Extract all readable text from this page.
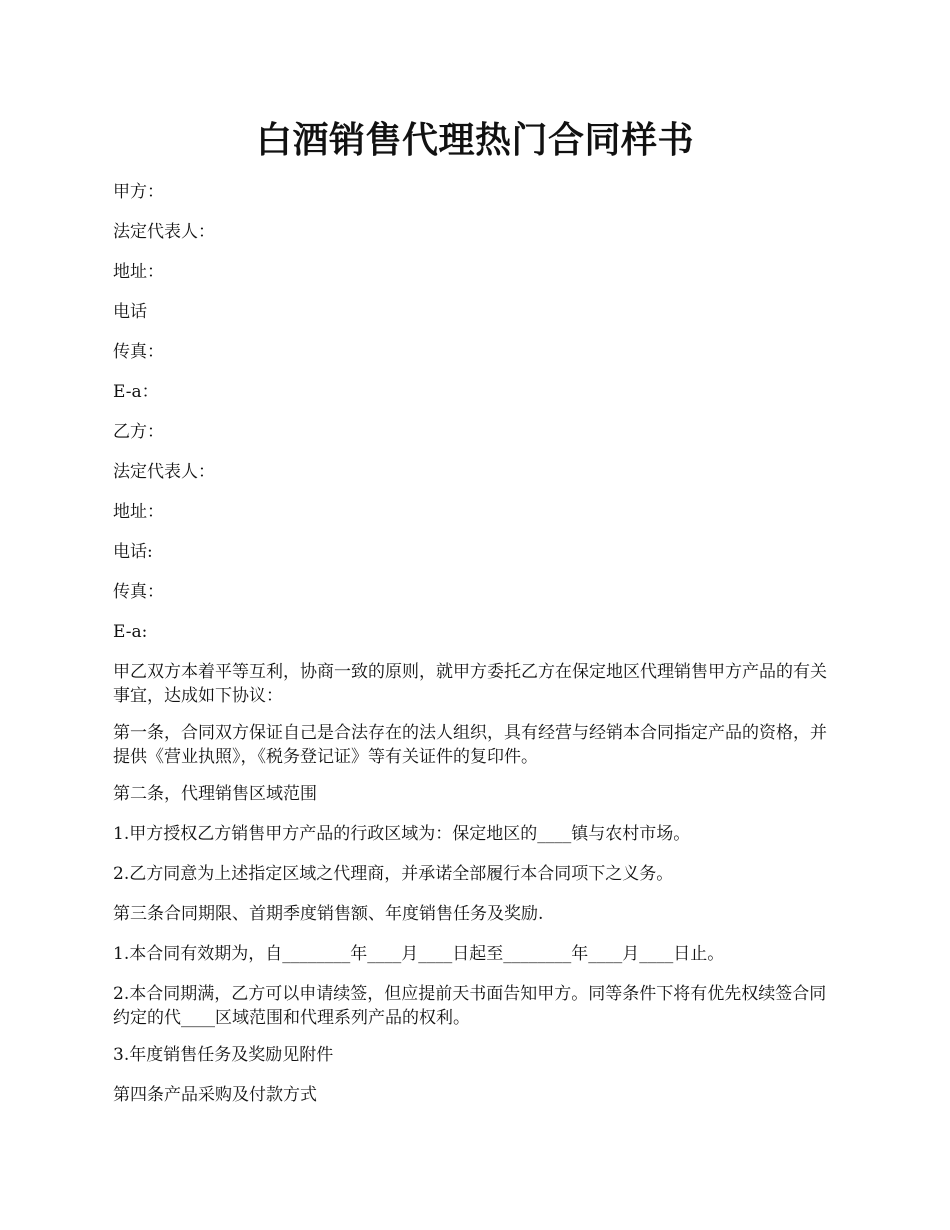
白酒销售代理热门合同样书

甲方：

法定代表人：

地址：

电话

传真：

E-a：

乙方：

法定代表人：

地址：

电话:

传真：

E-a:

甲乙双方本着平等互利，协商一致的原则，就甲方委托乙方在保定地区代理销售甲方产品的有关事宜，达成如下协议：

第一条，合同双方保证自己是合法存在的法人组织，具有经营与经销本合同指定产品的资格，并提供《营业执照》，《税务登记证》等有关证件的复印件。

第二条，代理销售区域范围

1.甲方授权乙方销售甲方产品的行政区域为：保定地区的____镇与农村市场。

2.乙方同意为上述指定区域之代理商，并承诺全部履行本合同项下之义务。

第三条合同期限、首期季度销售额、年度销售任务及奖励.

1.本合同有效期为，自________年____月____日起至________年____月____日止。

2.本合同期满，乙方可以申请续签，但应提前天书面告知甲方。同等条件下将有优先权续签合同约定的代____区域范围和代理系列产品的权利。

3.年度销售任务及奖励见附件

第四条产品采购及付款方式
